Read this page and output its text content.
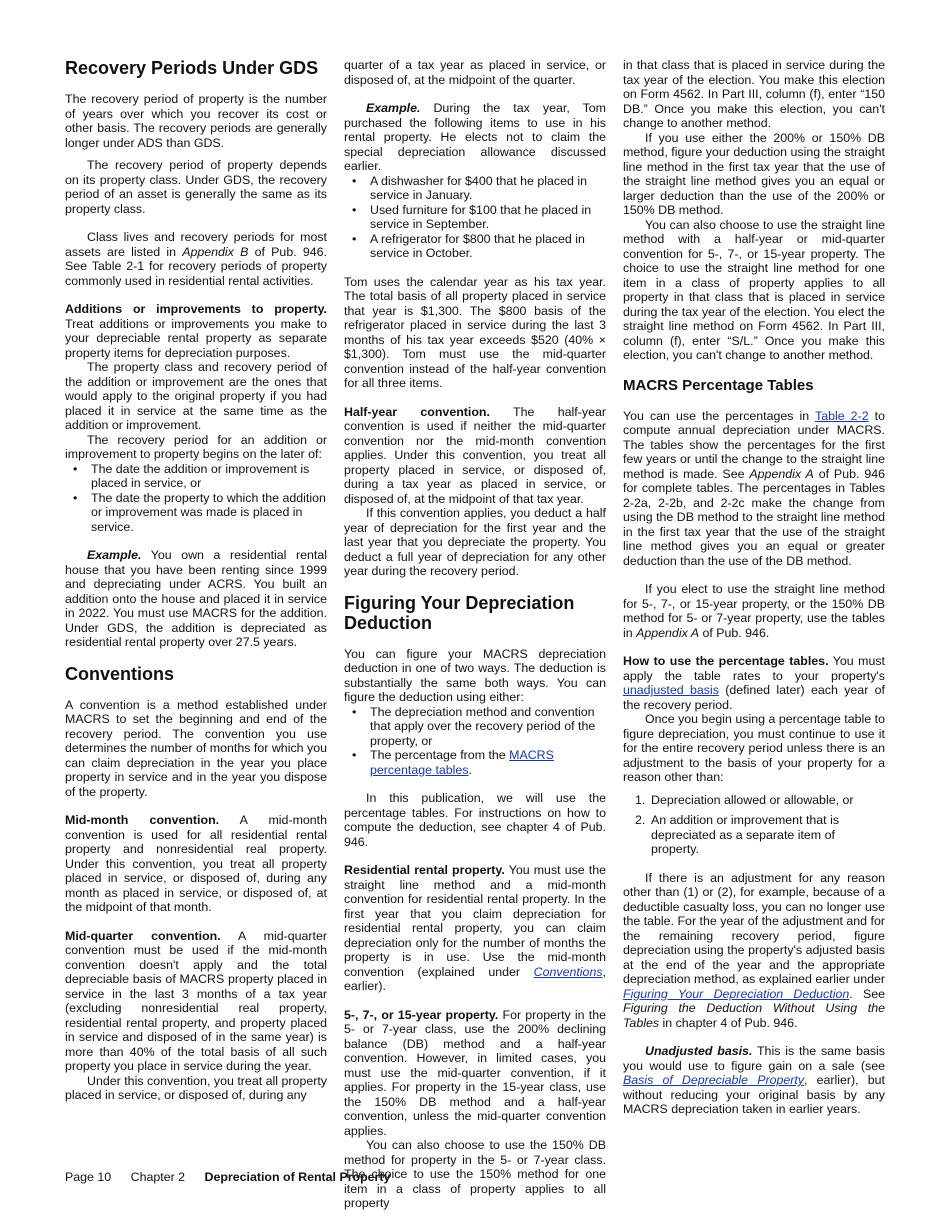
Recovery Periods Under GDS

The recovery period of property is the number of years over which you recover its cost or other basis. The recovery periods are generally longer under ADS than GDS.

The recovery period of property depends on its property class. Under GDS, the recovery period of an asset is generally the same as its property class.

Class lives and recovery periods for most assets are listed in Appendix B of Pub. 946. See Table 2-1 for recovery periods of property commonly used in residential rental activities.

Additions or improvements to property. Treat additions or improvements you make to your depreciable rental property as separate property items for depreciation purposes.

The property class and recovery period of the addition or improvement are the ones that would apply to the original property if you had placed it in service at the same time as the addition or improvement.

The recovery period for an addition or improvement to property begins on the later of:

• The date the addition or improvement is placed in service, or
• The date the property to which the addition or improvement was made is placed in service.

Example. You own a residential rental house that you have been renting since 1999 and depreciating under ACRS. You built an addition onto the house and placed it in service in 2022. You must use MACRS for the addition. Under GDS, the addition is depreciated as residential rental property over 27.5 years.

Conventions

A convention is a method established under MACRS to set the beginning and end of the recovery period. The convention you use determines the number of months for which you can claim depreciation in the year you place property in service and in the year you dispose of the property.

Mid-month convention. A mid-month convention is used for all residential rental property and nonresidential real property. Under this convention, you treat all property placed in service, or disposed of, during any month as placed in service, or disposed of, at the midpoint of that month.

Mid-quarter convention. A mid-quarter convention must be used if the mid-month convention doesn't apply and the total depreciable basis of MACRS property placed in service in the last 3 months of a tax year (excluding nonresidential real property, residential rental property, and property placed in service and disposed of in the same year) is more than 40% of the total basis of all such property you place in service during the year.

Under this convention, you treat all property placed in service, or disposed of, during any

quarter of a tax year as placed in service, or disposed of, at the midpoint of the quarter.

Example. During the tax year, Tom purchased the following items to use in his rental property. He elects not to claim the special depreciation allowance discussed earlier.

• A dishwasher for $400 that he placed in service in January.
• Used furniture for $100 that he placed in service in September.
• A refrigerator for $800 that he placed in service in October.

Tom uses the calendar year as his tax year. The total basis of all property placed in service that year is $1,300. The $800 basis of the refrigerator placed in service during the last 3 months of his tax year exceeds $520 (40% × $1,300). Tom must use the mid-quarter convention instead of the half-year convention for all three items.

Half-year convention. The half-year convention is used if neither the mid-quarter convention nor the mid-month convention applies. Under this convention, you treat all property placed in service, or disposed of, during a tax year as placed in service, or disposed of, at the midpoint of that tax year.

If this convention applies, you deduct a half year of depreciation for the first year and the last year that you depreciate the property. You deduct a full year of depreciation for any other year during the recovery period.

Figuring Your Depreciation Deduction

You can figure your MACRS depreciation deduction in one of two ways. The deduction is substantially the same both ways. You can figure the deduction using either:

• The depreciation method and convention that apply over the recovery period of the property, or
• The percentage from the MACRS percentage tables.

In this publication, we will use the percentage tables. For instructions on how to compute the deduction, see chapter 4 of Pub. 946.

Residential rental property. You must use the straight line method and a mid-month convention for residential rental property. In the first year that you claim depreciation for residential rental property, you can claim depreciation only for the number of months the property is in use. Use the mid-month convention (explained under Conventions, earlier).

5-, 7-, or 15-year property. For property in the 5- or 7-year class, use the 200% declining balance (DB) method and a half-year convention. However, in limited cases, you must use the mid-quarter convention, if it applies. For property in the 15-year class, use the 150% DB method and a half-year convention, unless the mid-quarter convention applies.

You can also choose to use the 150% DB method for property in the 5- or 7-year class. The choice to use the 150% method for one item in a class of property applies to all property

in that class that is placed in service during the tax year of the election. You make this election on Form 4562. In Part III, column (f), enter “150 DB.” Once you make this election, you can't change to another method.

If you use either the 200% or 150% DB method, figure your deduction using the straight line method in the first tax year that the use of the straight line method gives you an equal or larger deduction than the use of the 200% or 150% DB method.

You can also choose to use the straight line method with a half-year or mid-quarter convention for 5-, 7-, or 15-year property. The choice to use the straight line method for one item in a class of property applies to all property in that class that is placed in service during the tax year of the election. You elect the straight line method on Form 4562. In Part III, column (f), enter “S/L.” Once you make this election, you can't change to another method.

MACRS Percentage Tables

You can use the percentages in Table 2-2 to compute annual depreciation under MACRS. The tables show the percentages for the first few years or until the change to the straight line method is made. See Appendix A of Pub. 946 for complete tables. The percentages in Tables 2-2a, 2-2b, and 2-2c make the change from using the DB method to the straight line method in the first tax year that the use of the straight line method gives you an equal or greater deduction than the use of the DB method.

If you elect to use the straight line method for 5-, 7-, or 15-year property, or the 150% DB method for 5- or 7-year property, use the tables in Appendix A of Pub. 946.

How to use the percentage tables. You must apply the table rates to your property's unadjusted basis (defined later) each year of the recovery period.

Once you begin using a percentage table to figure depreciation, you must continue to use it for the entire recovery period unless there is an adjustment to the basis of your property for a reason other than:

1. Depreciation allowed or allowable, or
2. An addition or improvement that is depreciated as a separate item of property.

If there is an adjustment for any reason other than (1) or (2), for example, because of a deductible casualty loss, you can no longer use the table. For the year of the adjustment and for the remaining recovery period, figure depreciation using the property's adjusted basis at the end of the year and the appropriate depreciation method, as explained earlier under Figuring Your Depreciation Deduction. See Figuring the Deduction Without Using the Tables in chapter 4 of Pub. 946.

Unadjusted basis. This is the same basis you would use to figure gain on a sale (see Basis of Depreciable Property, earlier), but without reducing your original basis by any MACRS depreciation taken in earlier years.

Page 10 Chapter 2 Depreciation of Rental Property
